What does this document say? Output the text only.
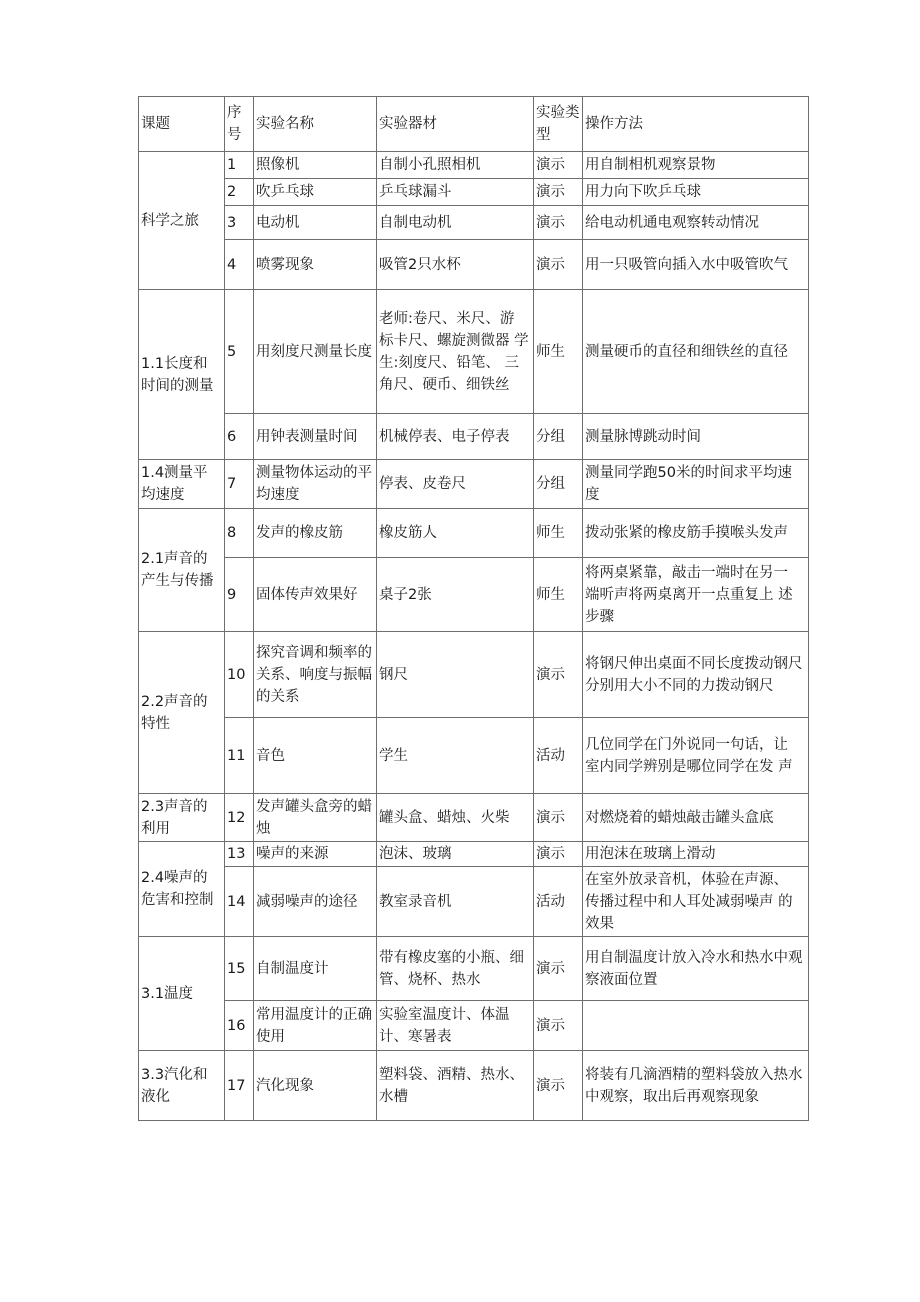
课题	序号	实验名称	实验器材	实验类型	操作方法
科学之旅	1	照像机	自制小孔照相机	演示	用自制相机观察景物
	2	吹乒乓球	乒乓球漏斗	演示	用力向下吹乒乓球
	3	电动机	自制电动机	演示	给电动机通电观察转动情况
	4	喷雾现象	吸管2只水杯	演示	用一只吸管向插入水中吸管吹气
1.1长度和时间的测量	5	用刻度尺测量长度	老师:卷尺、米尺、游 标卡尺、螺旋测微器 学生:刻度尺、铅笔、 三角尺、硬币、细铁丝	师生	测量硬币的直径和细铁丝的直径
	6	用钟表测量时间	机械停表、电子停表	分组	测量脉博跳动时间
1.4测量平均速度	7	测量物体运动的平均速度	停表、皮卷尺	分组	测量同学跑50米的时间求平均速度
2.1声音的产生与传播	8	发声的橡皮筋	橡皮筋人	师生	拨动张紧的橡皮筋手摸喉头发声
	9	固体传声效果好	桌子2张	师生	将两桌紧靠，敲击一端时在另一 端听声将两桌离开一点重复上 述步骤
2.2声音的特性	10	探究音调和频率的关系、响度与振幅的关系	钢尺	演示	将钢尺伸出桌面不同长度拨动钢尺分别用大小不同的力拨动钢尺
	11	音色	学生	活动	几位同学在门外说同一句话，让 室内同学辨别是哪位同学在发 声
2.3声音的利用	12	发声罐头盒旁的蜡烛	罐头盒、蜡烛、火柴	演示	对燃烧着的蜡烛敲击罐头盒底
2.4噪声的危害和控制	13	噪声的来源	泡沫、玻璃	演示	用泡沫在玻璃上滑动
	14	减弱噪声的途径	教室录音机	活动	在室外放录音机，体验在声源、 传播过程中和人耳处减弱噪声 的效果
3.1温度	15	自制温度计	带有橡皮塞的小瓶、细 管、烧杯、热水	演示	用自制温度计放入冷水和热水中观察液面位置
	16	常用温度计的正确使用	实验室温度计、体温计、寒暑表	演示	
3.3汽化和液化	17	汽化现象	塑料袋、酒精、热水、 水槽	演示	将装有几滴酒精的塑料袋放入热水中观察，取出后再观察现象
